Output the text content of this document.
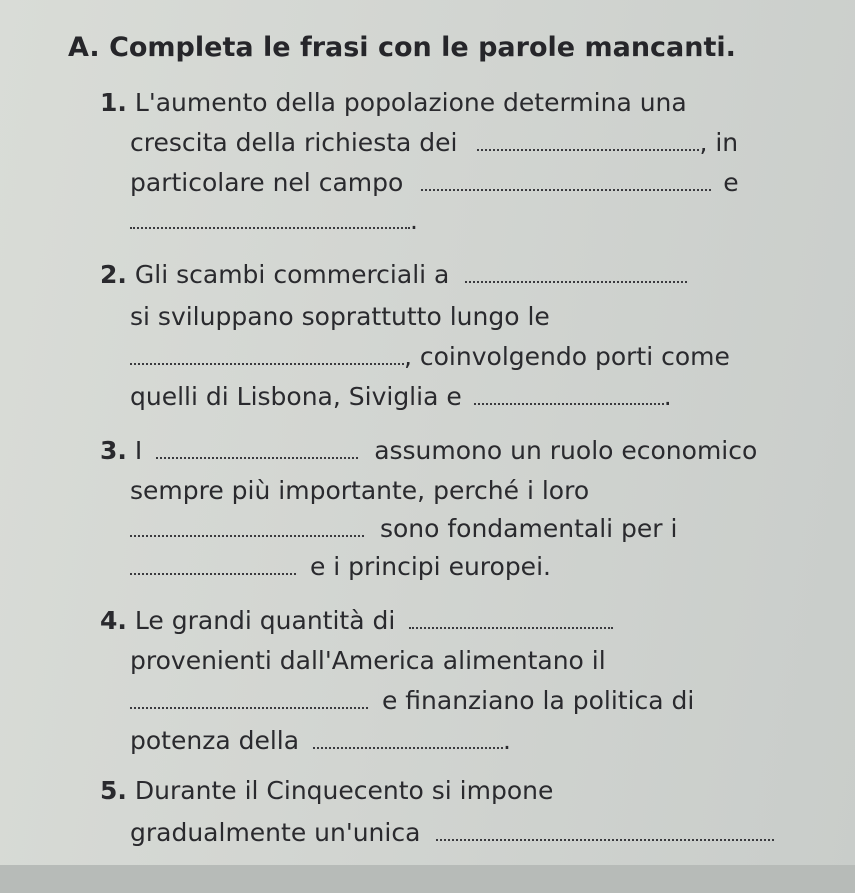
A. Completa le frasi con le parole mancanti.
1. L'aumento della popolazione determina una
crescita della richiesta dei	, in
particolare nel campo	e
.
2. Gli scambi commerciali a
si sviluppano soprattutto lungo le
, coinvolgendo porti come
quelli di Lisbona, Siviglia e	.
3. I	assumono un ruolo economico
sempre più importante, perché i loro
sono fondamentali per i
e i principi europei.
4. Le grandi quantità di
provenienti dall'America alimentano il
e finanziano la politica di
potenza della	.
5. Durante il Cinquecento si impone
gradualmente un'unica
